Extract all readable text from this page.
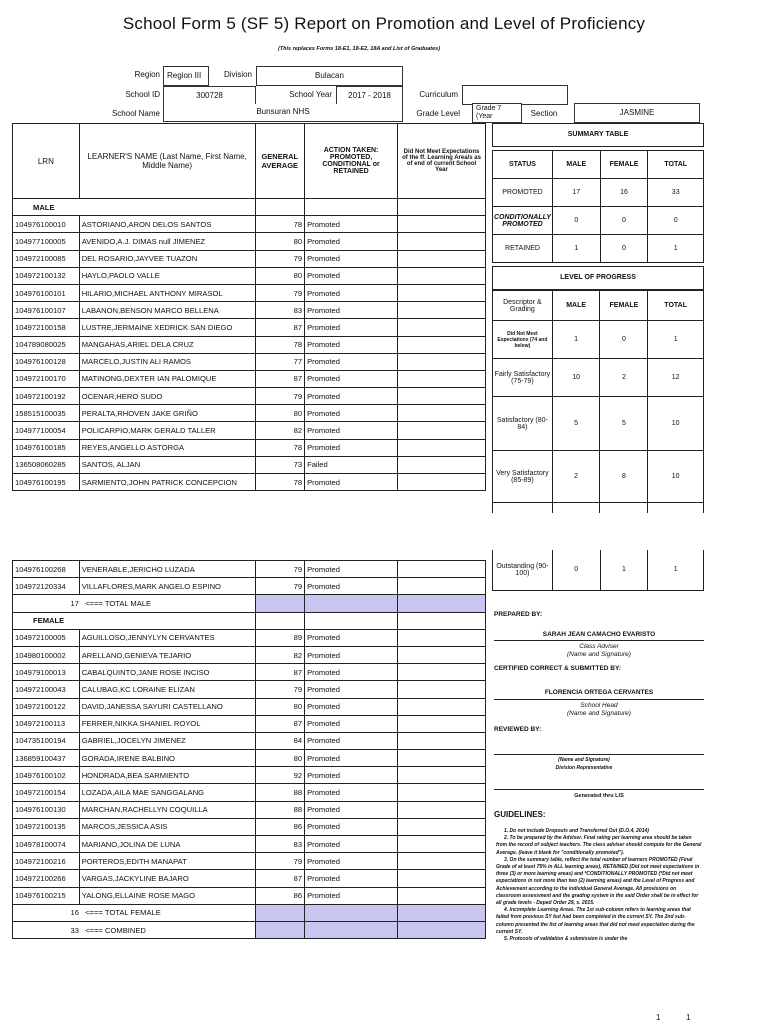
School Form 5 (SF 5) Report on Promotion and Level of Proficiency
(This replaces Forms 18-E1, 18-E2, 18A and List of Graduates)
Region Region III	Division	Bulacan
Curriculum
School ID	300728	School Year	2017 - 2018
School Name	Bunsuran NHS	Grade Level
Grade 7 (Year	Section	JASMINE
LRN	LEARNER'S NAME (Last Name, First Name, Middle Name)	GENERAL AVERAGE	ACTION TAKEN: PROMOTED, CONDITIONAL or RETAINED	Did Not Meet Expectations of the ff. Learning Area/s as of end of current School Year
MALE				
104976100010	ASTORIANO,ARON DELOS SANTOS	78	Promoted	
104977100005	AVENIDO,A.J. DIMAS null JIMENEZ	80	Promoted	
104972100085	DEL ROSARIO,JAYVEE TUAZON	79	Promoted	
104972100132	HAYLO,PAOLO VALLE	80	Promoted	
104976100101	HILARIO,MICHAEL ANTHONY MIRASOL	79	Promoted	
104976100107	LABANON,BENSON MARCO BELLENA	83	Promoted	
104972100158	LUSTRE,JERMAINE XEDRICK SAN DIEGO	87	Promoted	
104789080025	MANGAHAS,ARIEL DELA CRUZ	78	Promoted	
104976100128	MARCELO,JUSTIN ALI RAMOS	77	Promoted	
104972100170	MATINONG,DEXTER IAN PALOMIQUE	87	Promoted	
104972100192	OCENAR,HERO SUDO	79	Promoted	
158515100035	PERALTA,RHOVEN JAKE GRIÑO	80	Promoted	
104977100054	POLICARPIO,MARK GERALD TALLER	82	Promoted	
104976100185	REYES,ANGELLO ASTORGA	78	Promoted	
136508060285	SANTOS, ALJAN	73	Failed	
104976100195	SARMIENTO,JOHN PATRICK CONCEPCION	78	Promoted	
104976100268	VENERABLE,JERICHO LUZADA	79	Promoted	
104972120334	VILLAFLORES,MARK ANGELO ESPINO	79	Promoted	
17 <=== TOTAL MALE				
FEMALE				
104972100005	AGUILLOSO,JENNYLYN CERVANTES	89	Promoted	
104980100002	ARELLANO,GENIEVA TEJARIO	82	Promoted	
104979100013	CABALQUINTO,JANE ROSE INCISO	87	Promoted	
104972100043	CALUBAG,KC LORAINE ELIZAN	79	Promoted	
104972100122	DAVID,JANESSA SAYURI CASTELLANO	80	Promoted	
104972100113	FERRER,NIKKA SHANIEL ROYOL	87	Promoted	
104735100194	GABRIEL,JOCELYN JIMENEZ	84	Promoted	
136859100437	GORADA,IRENE BALBINO	80	Promoted	
104976100102	HONDRADA,BEA SARMIENTO	92	Promoted	
104972100154	LOZADA,AILA MAE SANGGALANG	88	Promoted	
104976100130	MARCHAN,RACHELLYN COQUILLA	88	Promoted	
104972100135	MARCOS,JESSICA ASIS	86	Promoted	
104978100074	MARIANO,JOLINA DE LUNA	83	Promoted	
104972100216	PORTEROS,EDITH MANAPAT	79	Promoted	
104972100266	VARGAS,JACKYLINE BAJARO	87	Promoted	
104976100215	YALONG,ELLAINE ROSE MAGO	86	Promoted	
16 <=== TOTAL FEMALE				
33 <=== COMBINED				
SUMMARY TABLE
STATUS	MALE	FEMALE	TOTAL
PROMOTED	17	16	33
CONDITIONALLY PROMOTED	0	0	0
RETAINED	1	0	1
LEVEL OF PROGRESS
Descriptor & Grading	MALE	FEMALE	TOTAL
Did Not Meet Expectations (74 and below)	1	0	1
Fairly Satisfactory (75-79)	10	2	12
Satisfactory (80-84)	5	5	10
Very Satisfactory (85-89)	2	8	10

Outstanding (90-100)	0	1	1
PREPARED BY:
SARAH JEAN CAMACHO EVARISTO
Class Adviser
(Name and Signature)
CERTIFIED CORRECT & SUBMITTED BY:
FLORENCIA ORTEGA CERVANTES
School Head
(Name and Signature)
REVIEWED BY:
(Name and Signature)
Division Representative
Generated thru LIS
GUIDELINES:
1. Do not include Dropouts and Transferred Out (D.O.4, 2014)
2. To be prepared by the Adviser. Final rating per learning area should be taken from the record of subject teachers. The class adviser should compute for the General Average. (leave it blank for "conditionally promoted").
3. On the summary table, reflect the total number of learners PROMOTED (Final Grade of at least 75% in ALL learning areas), RETAINED (Did not meet expectations in three (3) or more learning areas) and *CONDITIONALLY PROMOTED (*Did not meet expectations in not more than two (2) learning areas) and the Level of Progress and Achievement according to the individual General Average. All provisions on classroom assessment and the grading system in the said Order shall be in effect for all grade levels - Deped Order 29, s. 2015.
4. Incomplete Learning Areas. The 1st sub-column refers to learning areas that failed from previous SY but had been completed in the current SY. The 2nd sub-column presented the list of learning areas that did not meet expectation during the current SY.
5. Protocols of validation & submission is under the
1	1
